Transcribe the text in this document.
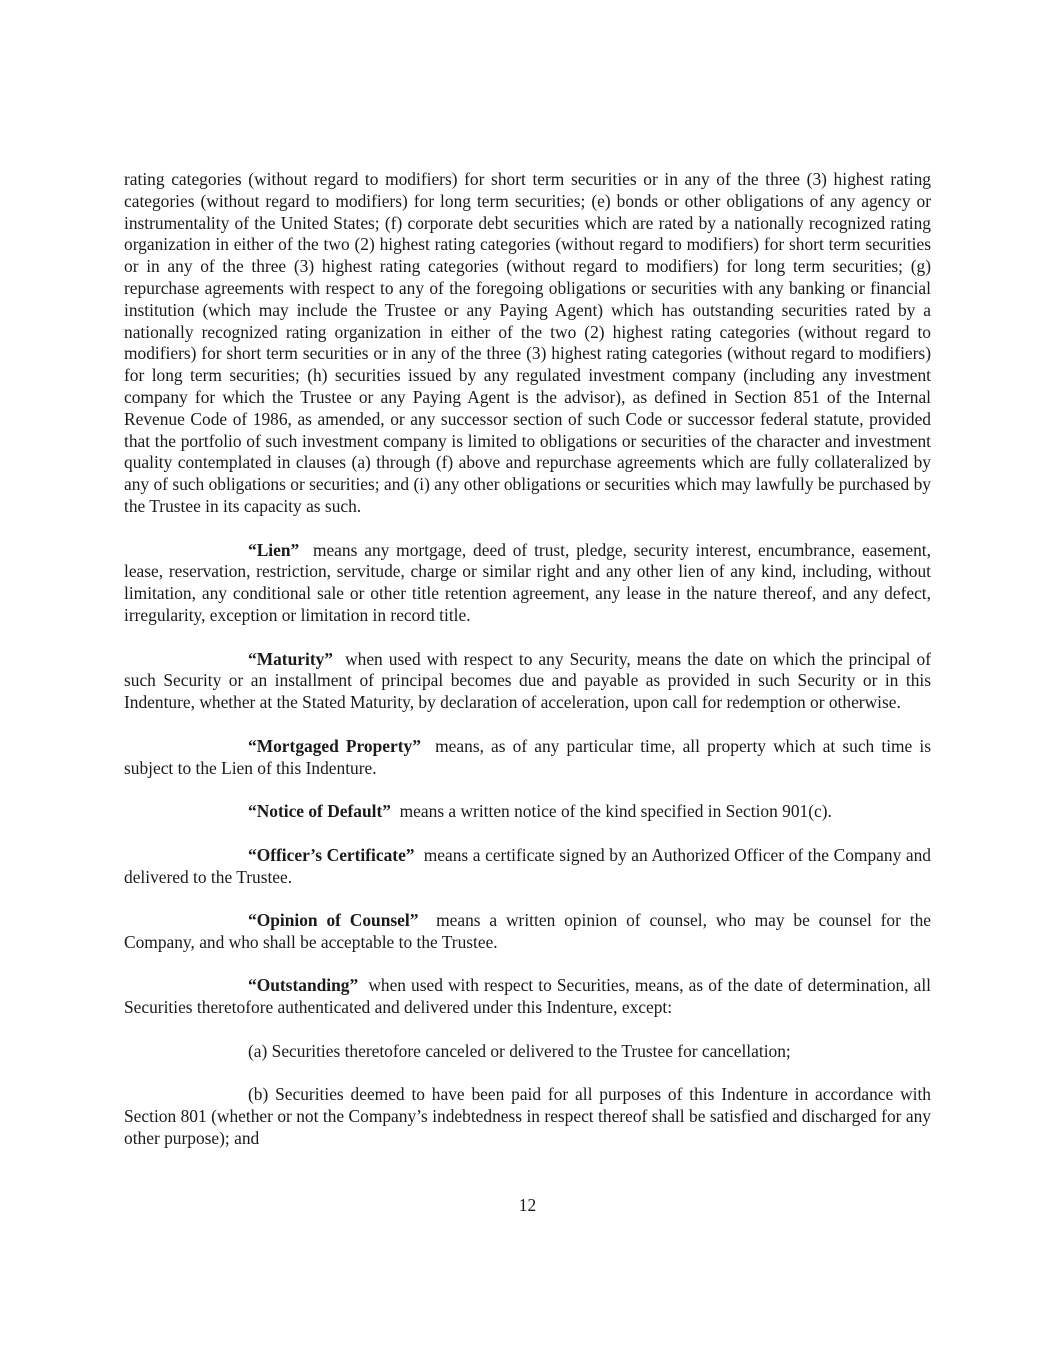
rating categories (without regard to modifiers) for short term securities or in any of the three (3) highest rating categories (without regard to modifiers) for long term securities; (e) bonds or other obligations of any agency or instrumentality of the United States; (f) corporate debt securities which are rated by a nationally recognized rating organization in either of the two (2) highest rating categories (without regard to modifiers) for short term securities or in any of the three (3) highest rating categories (without regard to modifiers) for long term securities; (g) repurchase agreements with respect to any of the foregoing obligations or securities with any banking or financial institution (which may include the Trustee or any Paying Agent) which has outstanding securities rated by a nationally recognized rating organization in either of the two (2) highest rating categories (without regard to modifiers) for short term securities or in any of the three (3) highest rating categories (without regard to modifiers) for long term securities; (h) securities issued by any regulated investment company (including any investment company for which the Trustee or any Paying Agent is the advisor), as defined in Section 851 of the Internal Revenue Code of 1986, as amended, or any successor section of such Code or successor federal statute, provided that the portfolio of such investment company is limited to obligations or securities of the character and investment quality contemplated in clauses (a) through (f) above and repurchase agreements which are fully collateralized by any of such obligations or securities; and (i) any other obligations or securities which may lawfully be purchased by the Trustee in its capacity as such.

“Lien” means any mortgage, deed of trust, pledge, security interest, encumbrance, easement, lease, reservation, restriction, servitude, charge or similar right and any other lien of any kind, including, without limitation, any conditional sale or other title retention agreement, any lease in the nature thereof, and any defect, irregularity, exception or limitation in record title.

“Maturity” when used with respect to any Security, means the date on which the principal of such Security or an installment of principal becomes due and payable as provided in such Security or in this Indenture, whether at the Stated Maturity, by declaration of acceleration, upon call for redemption or otherwise.

“Mortgaged Property” means, as of any particular time, all property which at such time is subject to the Lien of this Indenture.

“Notice of Default” means a written notice of the kind specified in Section 901(c).

“Officer’s Certificate” means a certificate signed by an Authorized Officer of the Company and delivered to the Trustee.

“Opinion of Counsel” means a written opinion of counsel, who may be counsel for the Company, and who shall be acceptable to the Trustee.

“Outstanding” when used with respect to Securities, means, as of the date of determination, all Securities theretofore authenticated and delivered under this Indenture, except:

(a) Securities theretofore canceled or delivered to the Trustee for cancellation;

(b) Securities deemed to have been paid for all purposes of this Indenture in accordance with Section 801 (whether or not the Company’s indebtedness in respect thereof shall be satisfied and discharged for any other purpose); and

12
